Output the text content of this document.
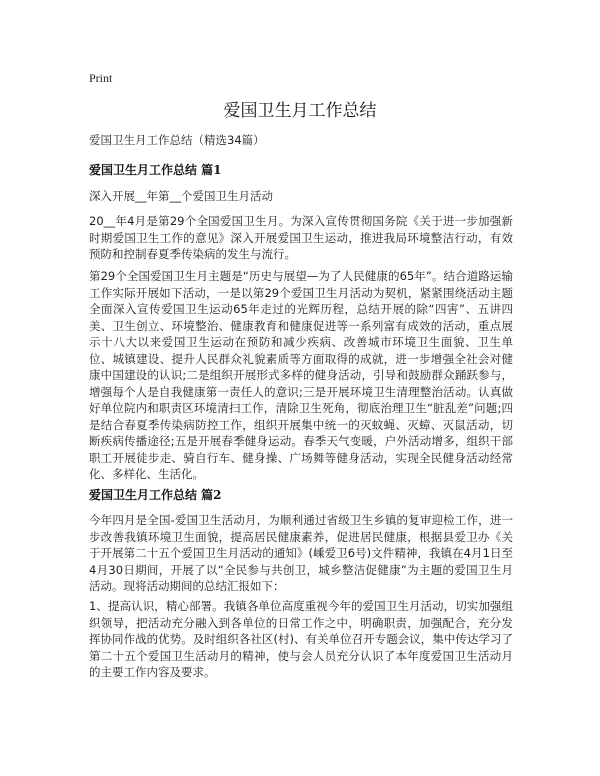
Print
爱国卫生月工作总结
爱国卫生月工作总结（精选34篇）
爱国卫生月工作总结 篇1
深入开展__年第__个爱国卫生月活动

20__年4月是第29个全国爱国卫生月。为深入宣传贯彻国务院《关于进一步加强新时期爱国卫生工作的意见》深入开展爱国卫生运动，推进我局环境整洁行动，有效预防和控制春夏季传染病的发生与流行。

第29个全国爱国卫生月主题是“历史与展望—为了人民健康的65年”。结合道路运输工作实际开展如下活动，一是以第29个爱国卫生月活动为契机，紧紧围绕活动主题全面深入宣传爱国卫生运动65年走过的光辉历程，总结开展的除“四害”、五讲四美、卫生创立、环境整治、健康教育和健康促进等一系列富有成效的活动，重点展示十八大以来爱国卫生运动在预防和减少疾病、改善城市环境卫生面貌、卫生单位、城镇建设、提升人民群众礼貌素质等方面取得的成就，进一步增强全社会对健康中国建设的认识;二是组织开展形式多样的健身活动，引导和鼓励群众踊跃参与，增强每个人是自我健康第一责任人的意识;三是开展环境卫生清理整治活动。认真做好单位院内和职责区环境清扫工作，清除卫生死角，彻底治理卫生“脏乱差”问题;四是结合春夏季传染病防控工作，组织开展集中统一的灭蚊蝇、灭蟑、灭鼠活动，切断疾病传播途径;五是开展春季健身运动。春季天气变暖，户外活动增多，组织干部职工开展徒步走、骑自行车、健身操、广场舞等健身活动，实现全民健身活动经常化、多样化、生活化。

爱国卫生月工作总结 篇2

今年四月是全国-爱国卫生活动月，为顺利通过省级卫生乡镇的复审迎检工作，进一步改善我镇环境卫生面貌，提高居民健康素养，促进居民健康，根据县爱卫办《关于开展第二十五个爱国卫生月活动的通知》(嵊爱卫6号)文件精神，我镇在4月1日至4月30日期间，开展了以“全民参与共创卫，城乡整洁促健康”为主题的爱国卫生月活动。现将活动期间的总结汇报如下：

1、提高认识，精心部署。我镇各单位高度重视今年的爱国卫生月活动，切实加强组织领导，把活动充分融入到各单位的日常工作之中，明确职责，加强配合，充分发挥协同作战的优势。及时组织各社区(村)、有关单位召开专题会议，集中传达学习了第二十五个爱国卫生活动月的精神，使与会人员充分认识了本年度爱国卫生活动月的主要工作内容及要求。
